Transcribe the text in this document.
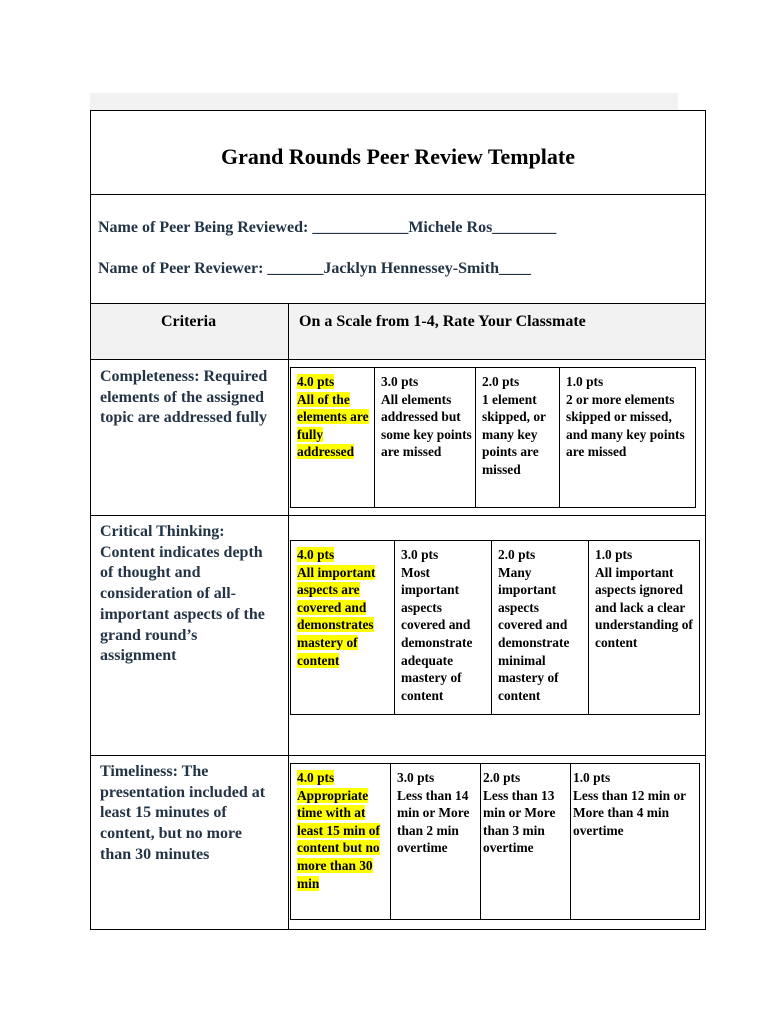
Grand Rounds Peer Review Template
Name of Peer Being Reviewed: ____________Michele Ros________
Name of Peer Reviewer: _______Jacklyn Hennessey-Smith____
Criteria	On a Scale from 1-4, Rate Your Classmate
Completeness: Required elements of the assigned topic are addressed fully
4.0 pts
All of the elements are fully addressed
3.0 pts
All elements addressed but some key points are missed
2.0 pts
1 element skipped, or many key points are missed
1.0 pts
2 or more elements skipped or missed, and many key points are missed
Critical Thinking: Content indicates depth of thought and consideration of all-important aspects of the grand round’s assignment
4.0 pts
All important aspects are covered and demonstrates mastery of content
3.0 pts
Most important aspects covered and demonstrate adequate mastery of content
2.0 pts
Many important aspects covered and demonstrate minimal mastery of content
1.0 pts
All important aspects ignored and lack a clear understanding of content
Timeliness: The presentation included at least 15 minutes of content, but no more than 30 minutes
4.0 pts
Appropriate time with at least 15 min of content but no more than 30 min
3.0 pts
Less than 14 min or More than 2 min overtime
2.0 pts
Less than 13 min or More than 3 min overtime
1.0 pts
Less than 12 min or More than 4 min overtime
